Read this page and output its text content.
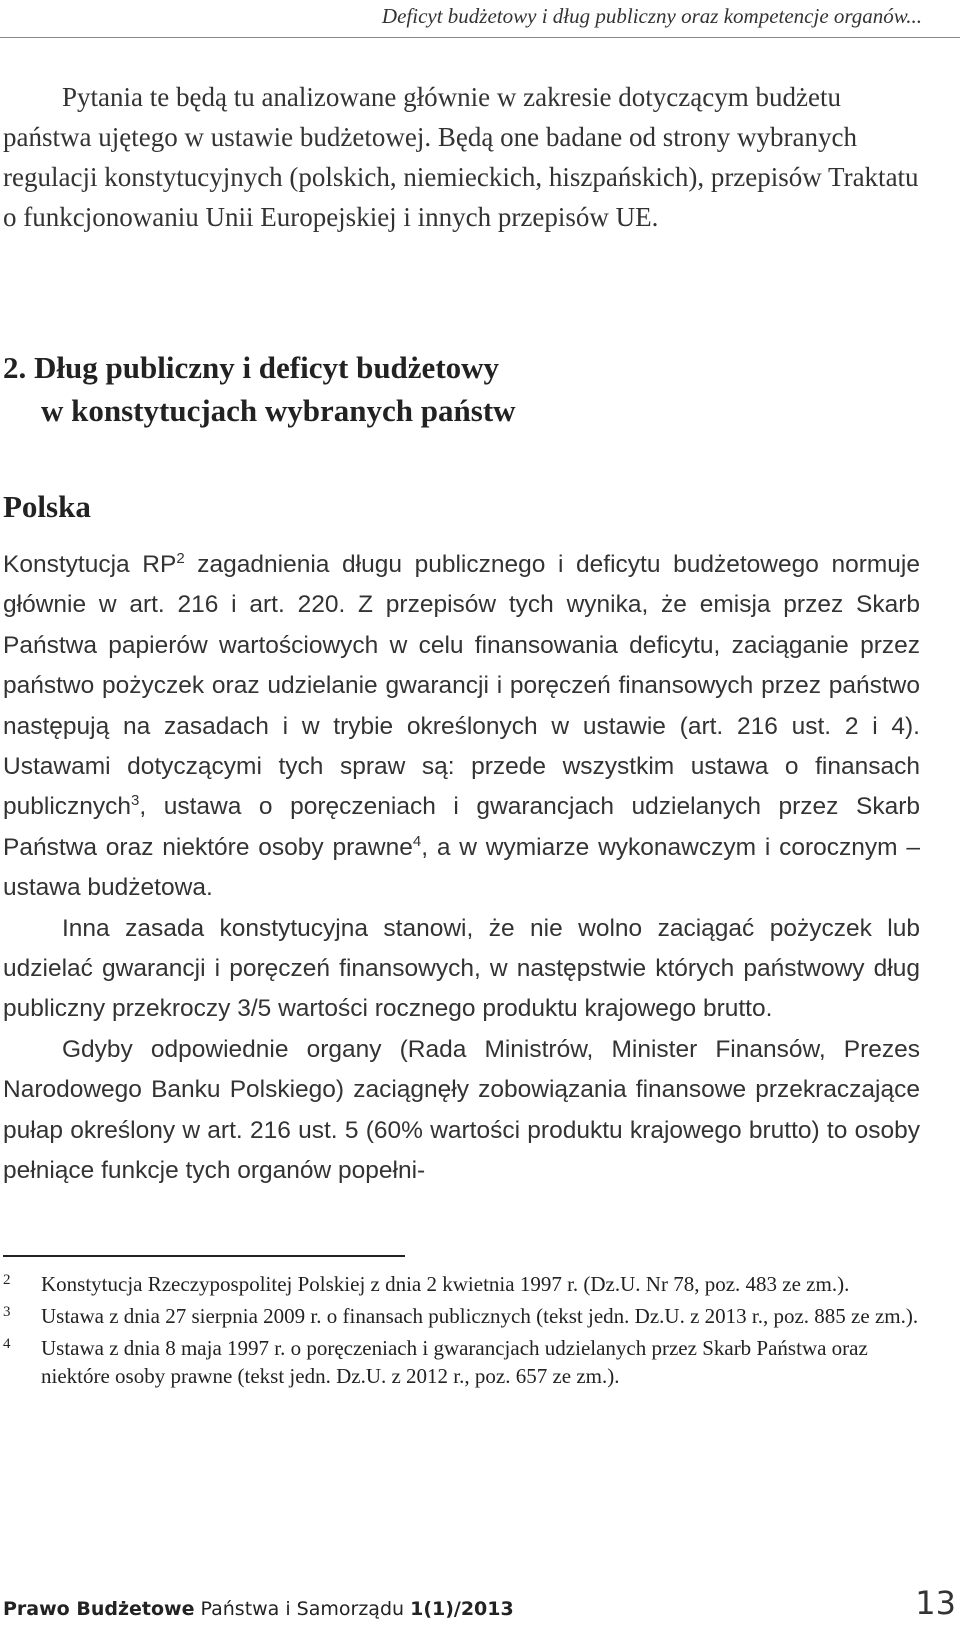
Deficyt budżetowy i dług publiczny oraz kompetencje organów...

Pytania te będą tu analizowane głównie w zakresie dotyczącym budżetu państwa ujętego w ustawie budżetowej. Będą one badane od strony wybranych regulacji konstytucyjnych (polskich, niemieckich, hiszpańskich), przepisów Traktatu o funkcjonowaniu Unii Europejskiej i innych przepisów UE.

2. Dług publiczny i deficyt budżetowy
w konstytucjach wybranych państw
Polska

Konstytucja $RP^2$ zagadnienia długu publicznego i deficytu budżetowego normuje głównie w art. 216 i art. 220. Z przepisów tych wynika, że emisja przez Skarb Państwa papierów wartościowych w celu finansowania deficytu, zaciąganie przez państwo pożyczek oraz udzielanie gwarancji i poręczeń finansowych przez państwo następują na zasadach i w trybie określonych w ustawie (art. 216 ust. 2 i 4). Ustawami dotyczącymi tych spraw są: przede wszystkim ustawa o finansach publicznych$^3$, ustawa o poręczeniach i gwarancjach udzielanych przez Skarb Państwa oraz niektóre osoby prawne$^4$, a w wymiarze wykonawczym i corocznym – ustawa budżetowa.

Inna zasada konstytucyjna stanowi, że nie wolno zaciągać pożyczek lub udzielać gwarancji i poręczeń finansowych, w następstwie których państwowy dług publiczny przekroczy 3/5 wartości rocznego produktu krajowego brutto.

Gdyby odpowiednie organy (Rada Ministrów, Minister Finansów, Prezes Narodowego Banku Polskiego) zaciągnęły zobowiązania finansowe przekraczające pułap określony w art. 216 ust. 5 (60% wartości produktu krajowego brutto) to osoby pełniące funkcje tych organów popełni-

2	Konstytucja Rzeczypospolitej Polskiej z dnia 2 kwietnia 1997 r. (Dz.U. Nr 78, poz. 483 ze zm.).
3	Ustawa z dnia 27 sierpnia 2009 r. o finansach publicznych (tekst jedn. Dz.U. z 2013 r., poz. 885 ze zm.).
4	Ustawa z dnia 8 maja 1997 r. o poręczeniach i gwarancjach udzielanych przez Skarb Państwa oraz niektóre osoby prawne (tekst jedn. Dz.U. z 2012 r., poz. 657 ze zm.).
Prawo Budżetowe Państwa i Samorządu 1(1)/2013	13
